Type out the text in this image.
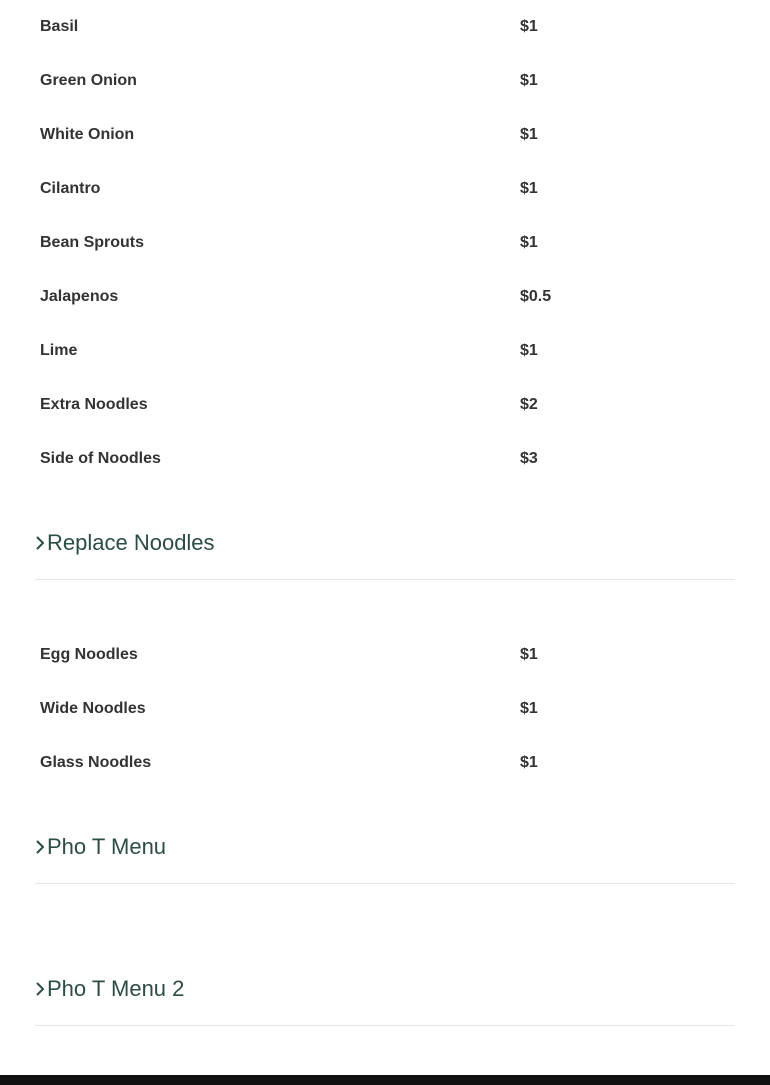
Basil	$1
Green Onion	$1
White Onion	$1
Cilantro	$1
Bean Sprouts	$1
Jalapenos	$0.5
Lime	$1
Extra Noodles	$2
Side of Noodles	$3
Replace Noodles
Egg Noodles	$1
Wide Noodles	$1
Glass Noodles	$1
Pho T Menu
Pho T Menu 2
